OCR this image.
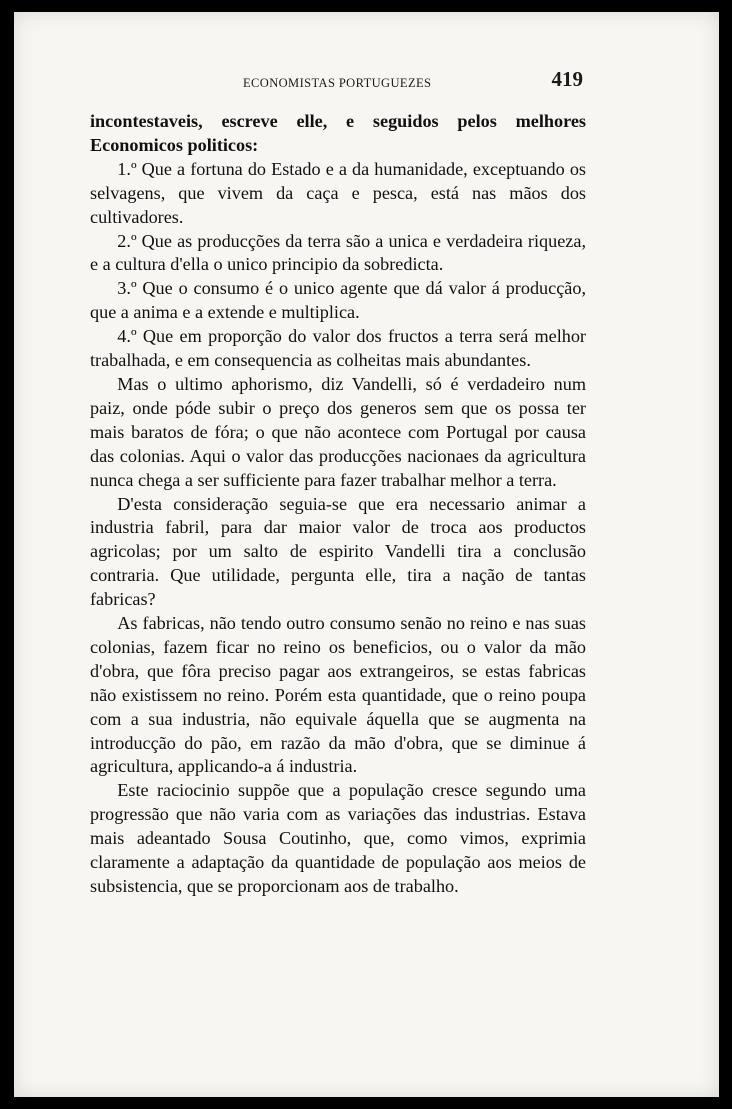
ECONOMISTAS PORTUGUEZES	419

incontestaveis, escreve elle, e seguidos pelos melhores Economicos politicos:

1.º Que a fortuna do Estado e a da humanidade, exceptuando os selvagens, que vivem da caça e pesca, está nas mãos dos cultivadores.

2.º Que as producções da terra são a unica e verdadeira riqueza, e a cultura d'ella o unico principio da sobredicta.

3.º Que o consumo é o unico agente que dá valor á producção, que a anima e a extende e multiplica.

4.º Que em proporção do valor dos fructos a terra será melhor trabalhada, e em consequencia as colheitas mais abundantes.

Mas o ultimo aphorismo, diz Vandelli, só é verdadeiro num paiz, onde póde subir o preço dos generos sem que os possa ter mais baratos de fóra; o que não acontece com Portugal por causa das colonias. Aqui o valor das producções nacionaes da agricultura nunca chega a ser sufficiente para fazer trabalhar melhor a terra.

D'esta consideração seguia-se que era necessario animar a industria fabril, para dar maior valor de troca aos productos agricolas; por um salto de espirito Vandelli tira a conclusão contraria. Que utilidade, pergunta elle, tira a nação de tantas fabricas?

As fabricas, não tendo outro consumo senão no reino e nas suas colonias, fazem ficar no reino os beneficios, ou o valor da mão d'obra, que fôra preciso pagar aos extrangeiros, se estas fabricas não existissem no reino. Porém esta quantidade, que o reino poupa com a sua industria, não equivale áquella que se augmenta na introducção do pão, em razão da mão d'obra, que se diminue á agricultura, applicando-a á industria.

Este raciocinio suppõe que a população cresce segundo uma progressão que não varia com as variações das industrias. Estava mais adeantado Sousa Coutinho, que, como vimos, exprimia claramente a adaptação da quantidade de população aos meios de subsistencia, que se proporcionam aos de trabalho.
